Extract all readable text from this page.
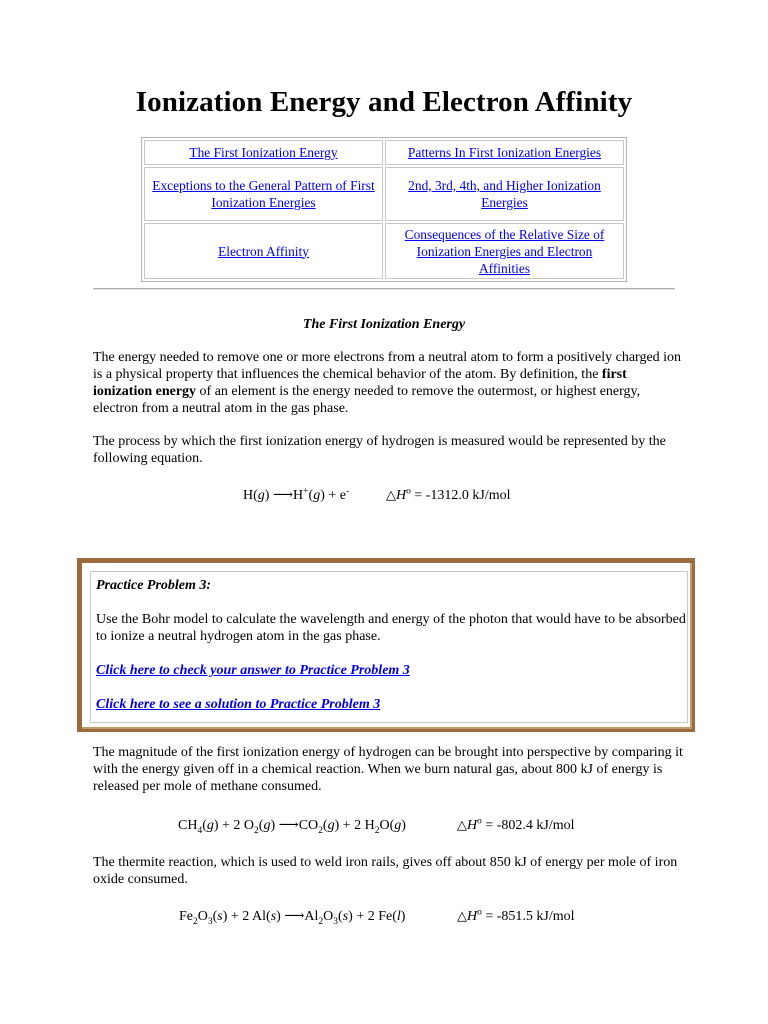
Ionization Energy and Electron Affinity
The First Ionization Energy	Patterns In First Ionization Energies
Exceptions to the General Pattern of First Ionization Energies	2nd, 3rd, 4th, and Higher Ionization Energies
Electron Affinity	Consequences of the Relative Size of Ionization Energies and Electron Affinities
The First Ionization Energy

The energy needed to remove one or more electrons from a neutral atom to form a positively charged ion is a physical property that influences the chemical behavior of the atom. By definition, the first ionization energy of an element is the energy needed to remove the outermost, or highest energy, electron from a neutral atom in the gas phase.

The process by which the first ionization energy of hydrogen is measured would be represented by the following equation.

H(g) ⟶H+(g) + e-	$\triangle H^o = -1312.0$ kJ/mol

Practice Problem 3:

Use the Bohr model to calculate the wavelength and energy of the photon that would have to be absorbed to ionize a neutral hydrogen atom in the gas phase.

Click here to check your answer to Practice Problem 3

Click here to see a solution to Practice Problem 3

The magnitude of the first ionization energy of hydrogen can be brought into perspective by comparing it with the energy given off in a chemical reaction. When we burn natural gas, about 800 kJ of energy is released per mole of methane consumed.

$CH_4(g) + 2$ $O_2(g)$ $⟶CO_2(g) + 2$ $H_2O(g)$	$\triangle H^o = -802.4$ kJ/mol

The thermite reaction, which is used to weld iron rails, gives off about 850 kJ of energy per mole of iron oxide consumed.

$Fe_2O_3(s) + 2$ Al(s) $⟶Al_2O_3(s) + 2$ Fe(l)	$\triangle H^o = -851.5$ kJ/mol
